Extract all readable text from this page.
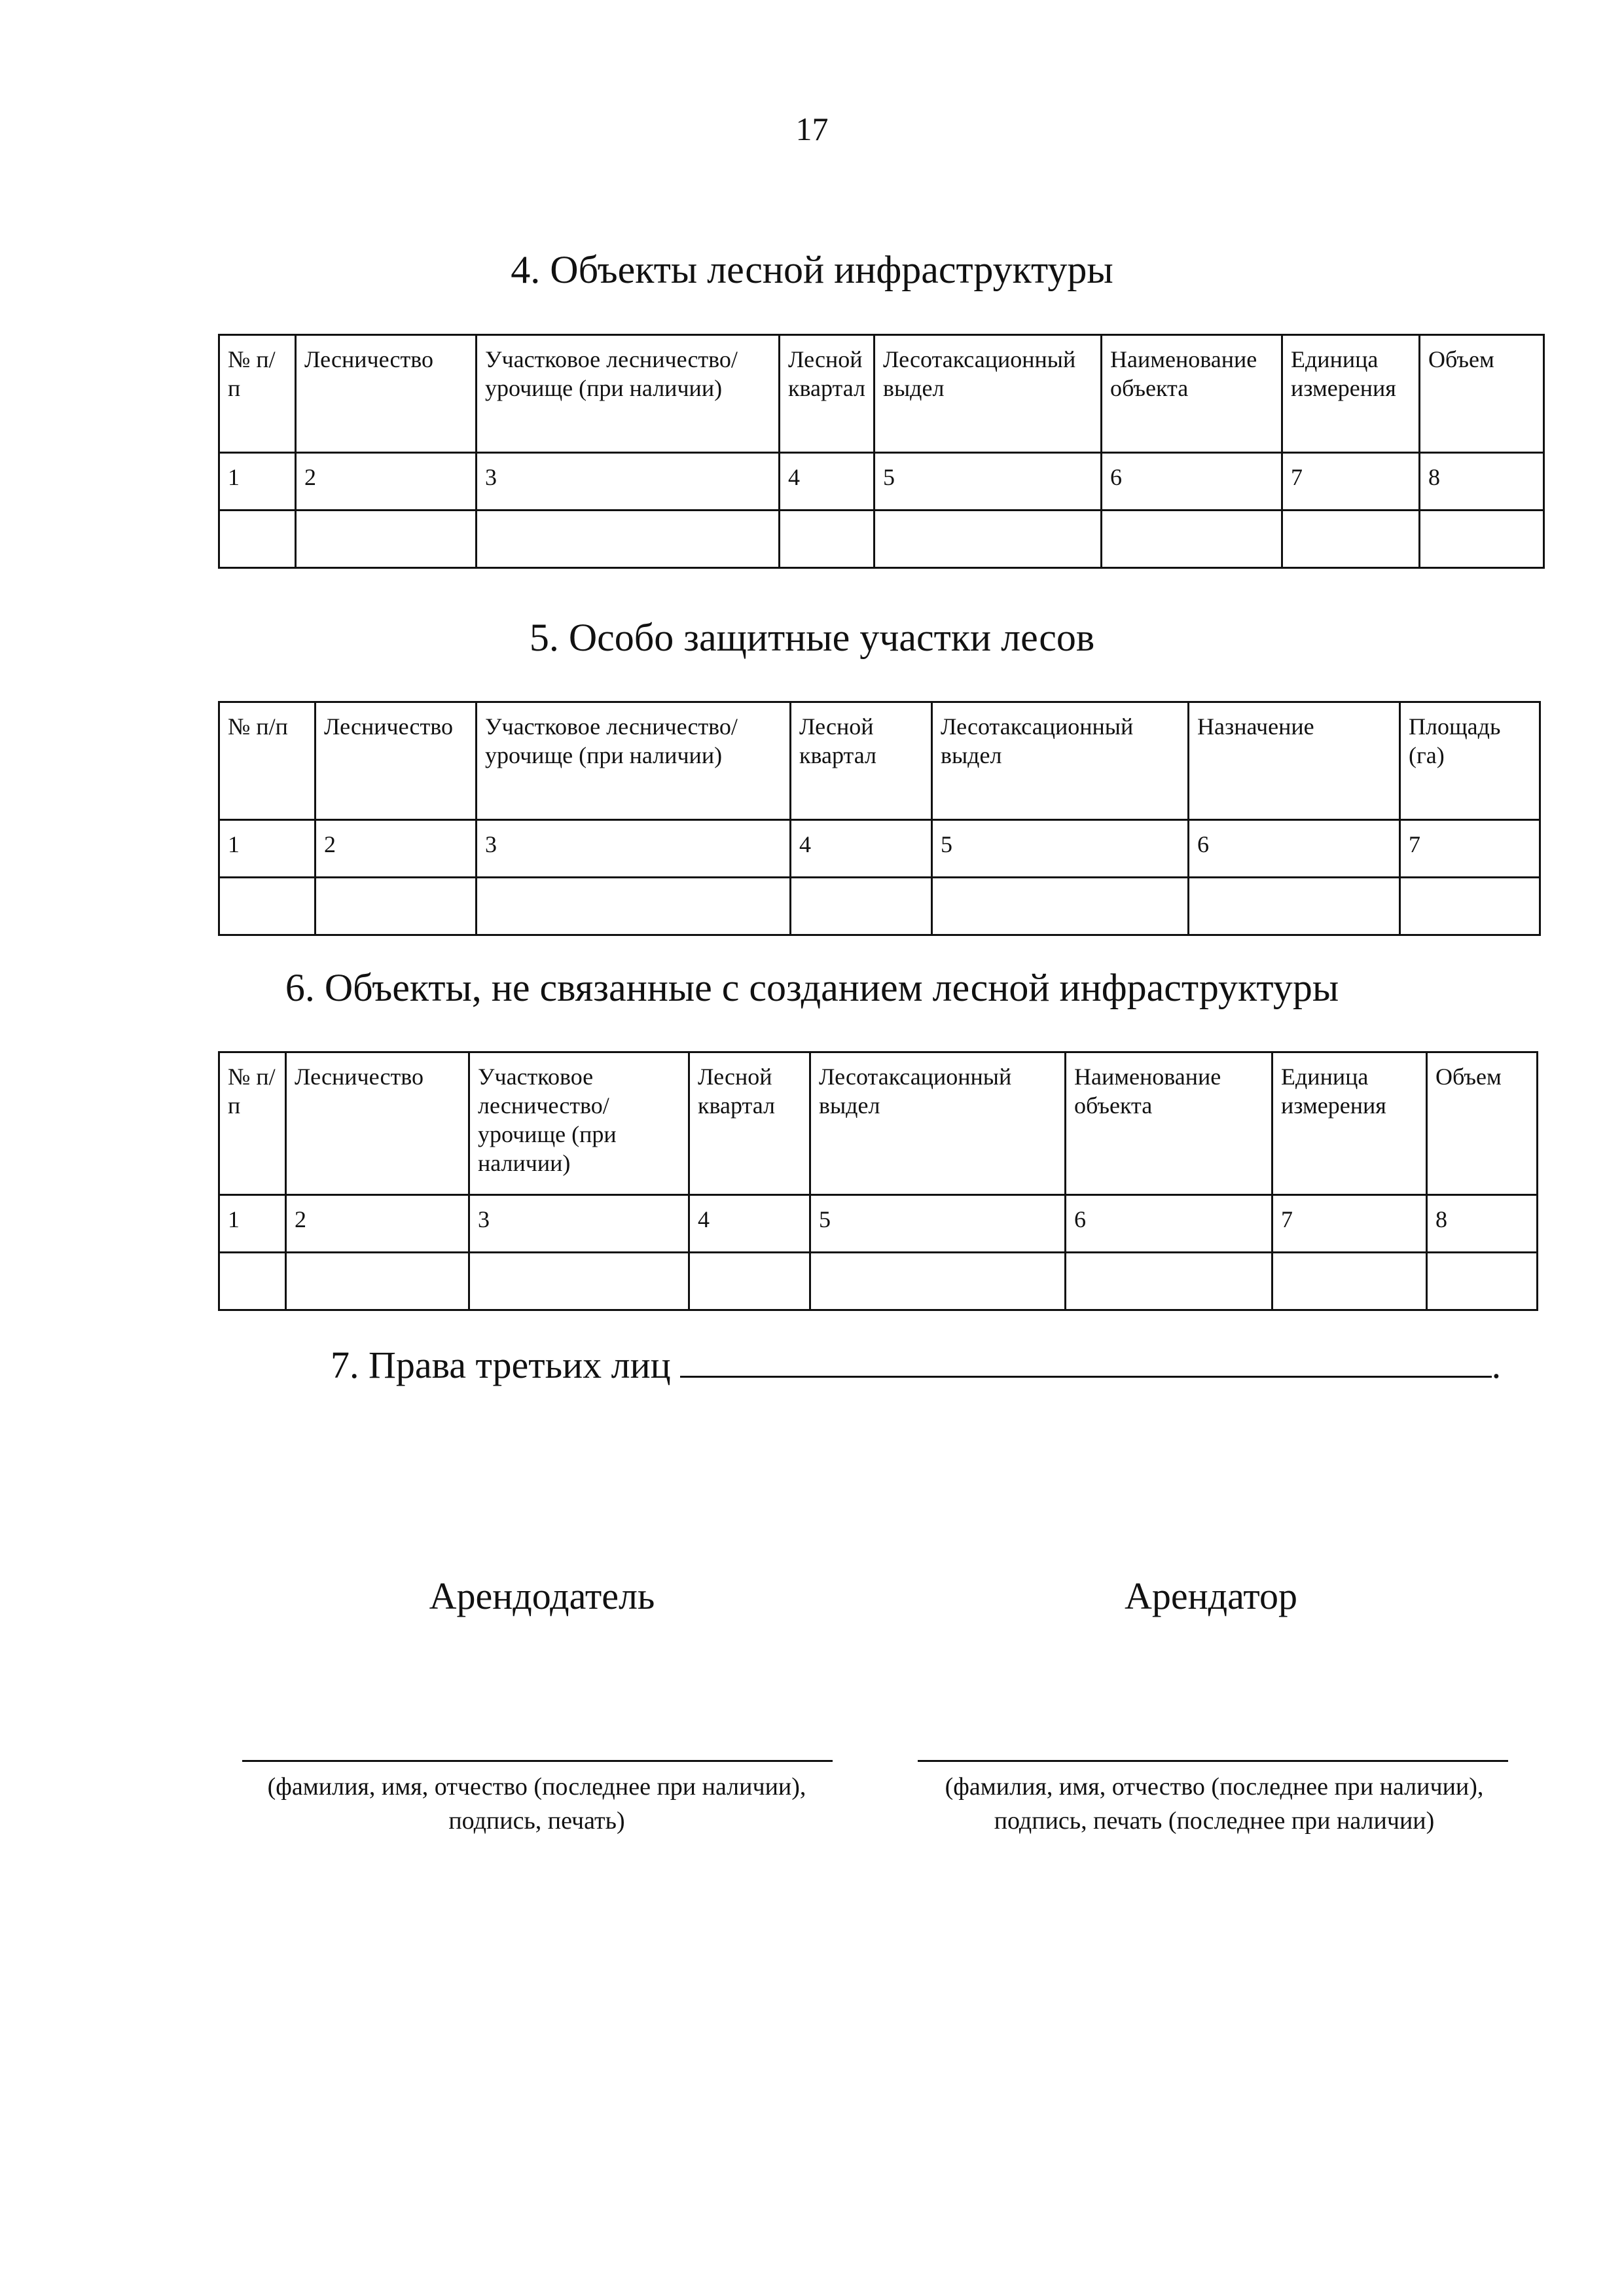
17
4. Объекты лесной инфраструктуры
№ п/п	Лесничество	Участковое лесничество/урочище (при наличии)	Лесной квартал	Лесотаксационный выдел	Наименование объекта	Единица измерения	Объем
1	2	3	4	5	6	7	8

5. Особо защитные участки лесов
№ п/п	Лесничество	Участковое лесничество/урочище (при наличии)	Лесной квартал	Лесотаксационный выдел	Назначение	Площадь (га)
1	2	3	4	5	6	7

6. Объекты, не связанные с созданием лесной инфраструктуры
№ п/п	Лесничество	Участковое лесничество/ урочище (при наличии)	Лесной квартал	Лесотаксационный выдел	Наименование объекта	Единица измерения	Объем
1	2	3	4	5	6	7	8

7. Права третьих лиц	.
Арендодатель	Арендатор
(фамилия, имя, отчество (последнее при наличии),
подпись, печать)
(фамилия, имя, отчество (последнее при наличии),
подпись, печать (последнее при наличии)
